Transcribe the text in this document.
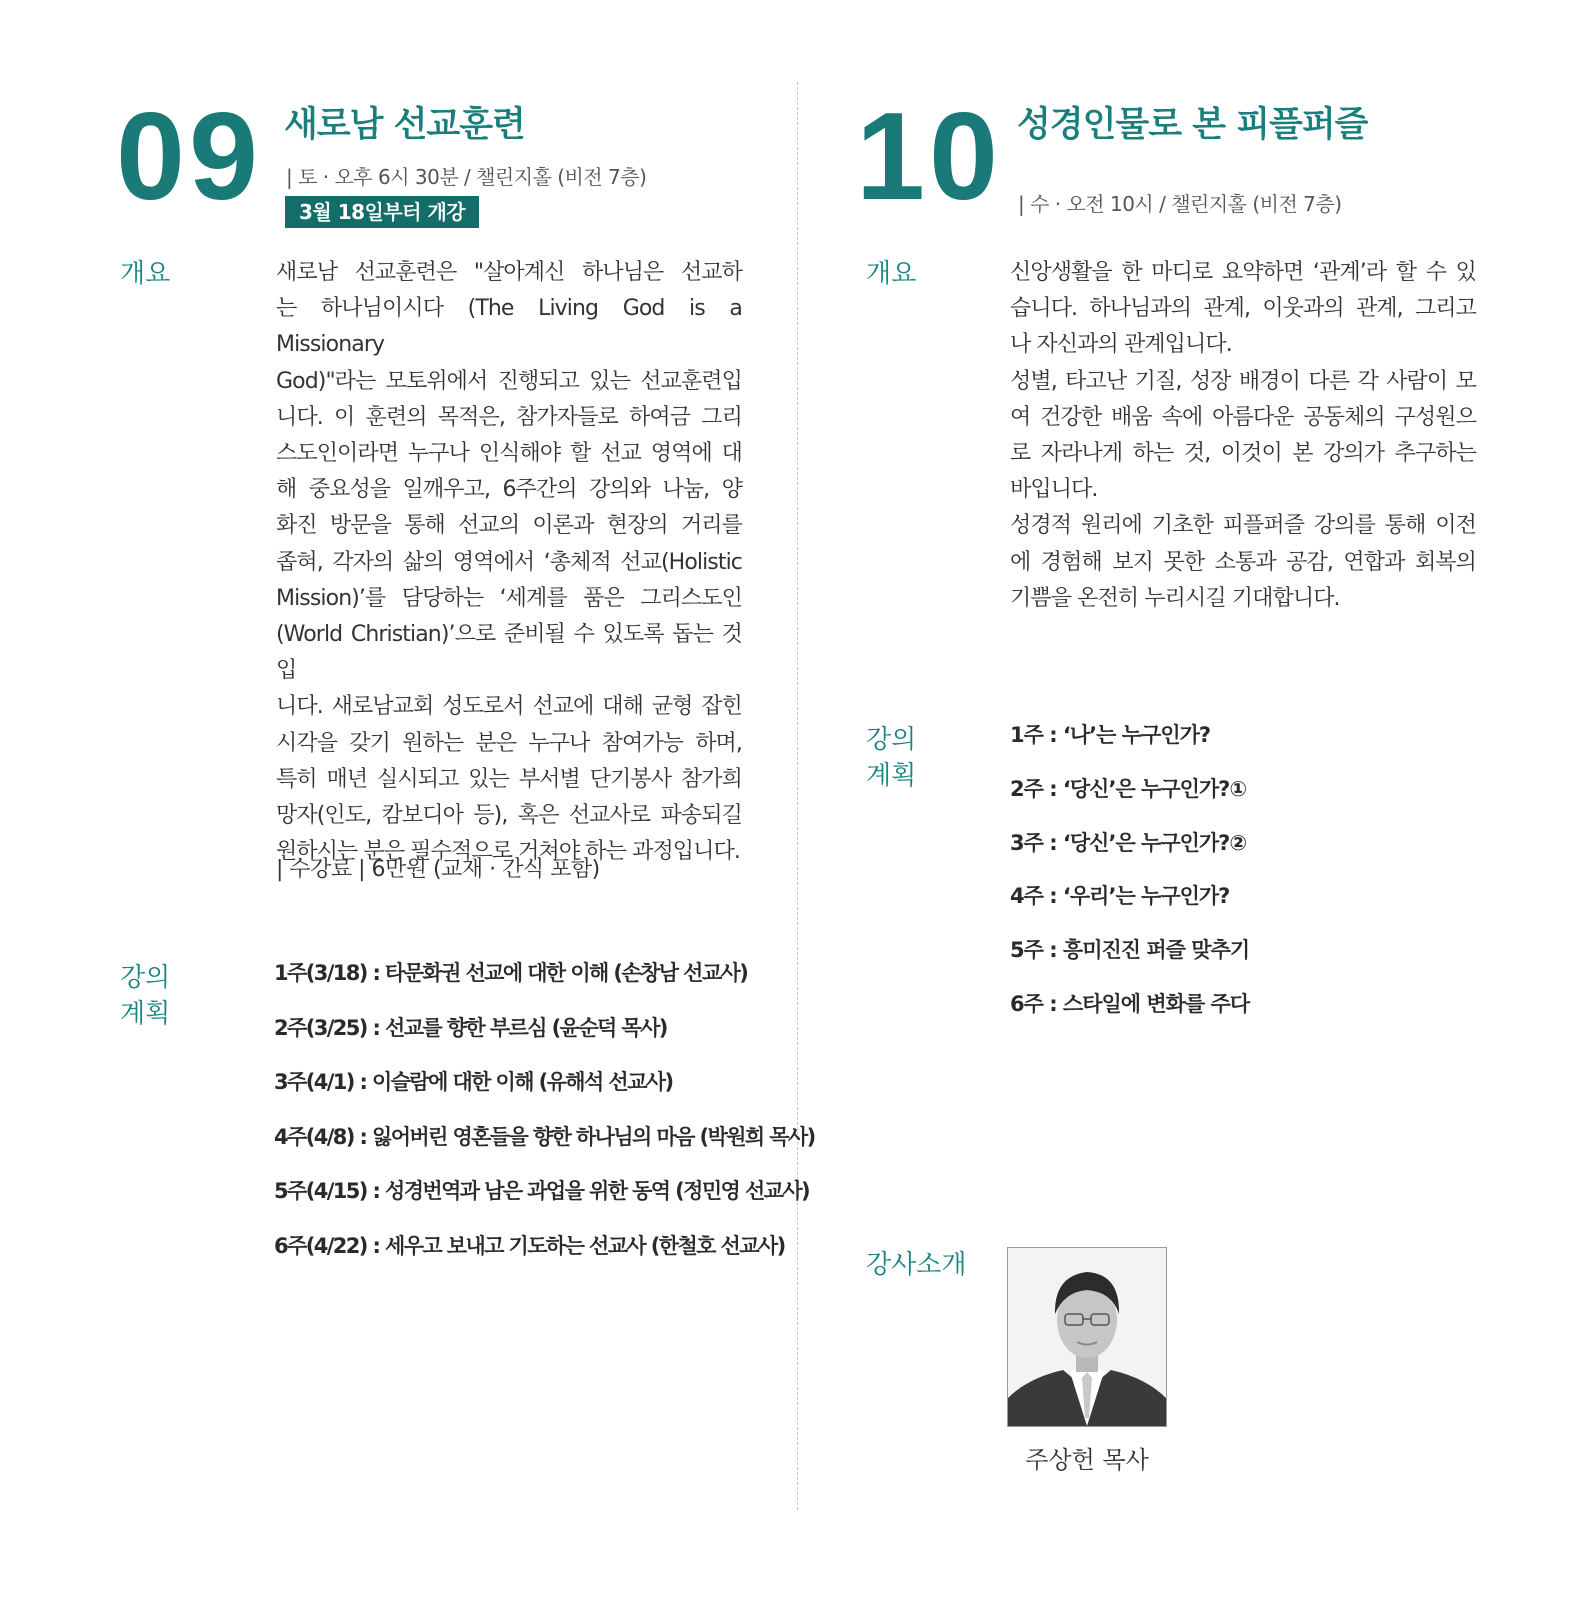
09 새로남 선교훈련
| 토 · 오후 6시 30분 / 챌린지홀 (비전 7층)
3월 18일부터 개강
개요	새로남 선교훈련은 "살아계신 하나님은 선교하
는 하나님이시다 (The Living God is a Missionary
God)"라는 모토위에서 진행되고 있는 선교훈련입
니다. 이 훈련의 목적은, 참가자들로 하여금 그리
스도인이라면 누구나 인식해야 할 선교 영역에 대
해 중요성을 일깨우고, 6주간의 강의와 나눔, 양
화진 방문을 통해 선교의 이론과 현장의 거리를
좁혀, 각자의 삶의 영역에서 ‘총체적 선교(Holistic
Mission)’를 담당하는 ‘세계를 품은 그리스도인
(World Christian)’으로 준비될 수 있도록 돕는 것입
니다. 새로남교회 성도로서 선교에 대해 균형 잡힌
시각을 갖기 원하는 분은 누구나 참여가능 하며,
특히 매년 실시되고 있는 부서별 단기봉사 참가희
망자(인도, 캄보디아 등), 혹은 선교사로 파송되길
원하시는 분은 필수적으로 거쳐야 하는 과정입니다.
| 수강료 | 6만원 (교재 · 간식 포함)
강의
계획
1주(3/18) : 타문화권 선교에 대한 이해 (손창남 선교사)
2주(3/25) : 선교를 향한 부르심 (윤순덕 목사)
3주(4/1) : 이슬람에 대한 이해 (유해석 선교사)
4주(4/8) : 잃어버린 영혼들을 향한 하나님의 마음 (박원희 목사)
5주(4/15) : 성경번역과 남은 과업을 위한 동역 (정민영 선교사)
6주(4/22) : 세우고 보내고 기도하는 선교사 (한철호 선교사)
10 성경인물로 본 피플퍼즐
| 수 · 오전 10시 / 챌린지홀 (비전 7층)
개요	신앙생활을 한 마디로 요약하면 ‘관계’라 할 수 있
습니다. 하나님과의 관계, 이웃과의 관계, 그리고
나 자신과의 관계입니다.

성별, 타고난 기질, 성장 배경이 다른 각 사람이 모
여 건강한 배움 속에 아름다운 공동체의 구성원으
로 자라나게 하는 것, 이것이 본 강의가 추구하는
바입니다.

성경적 원리에 기초한 피플퍼즐 강의를 통해 이전
에 경험해 보지 못한 소통과 공감, 연합과 회복의
기쁨을 온전히 누리시길 기대합니다.

강의
계획
1주 : ‘나’는 누구인가?
2주 : ‘당신’은 누구인가?①
3주 : ‘당신’은 누구인가?②
4주 : ‘우리’는 누구인가?
5주 : 흥미진진 퍼즐 맞추기
6주 : 스타일에 변화를 주다
강사소개
주상헌 목사
